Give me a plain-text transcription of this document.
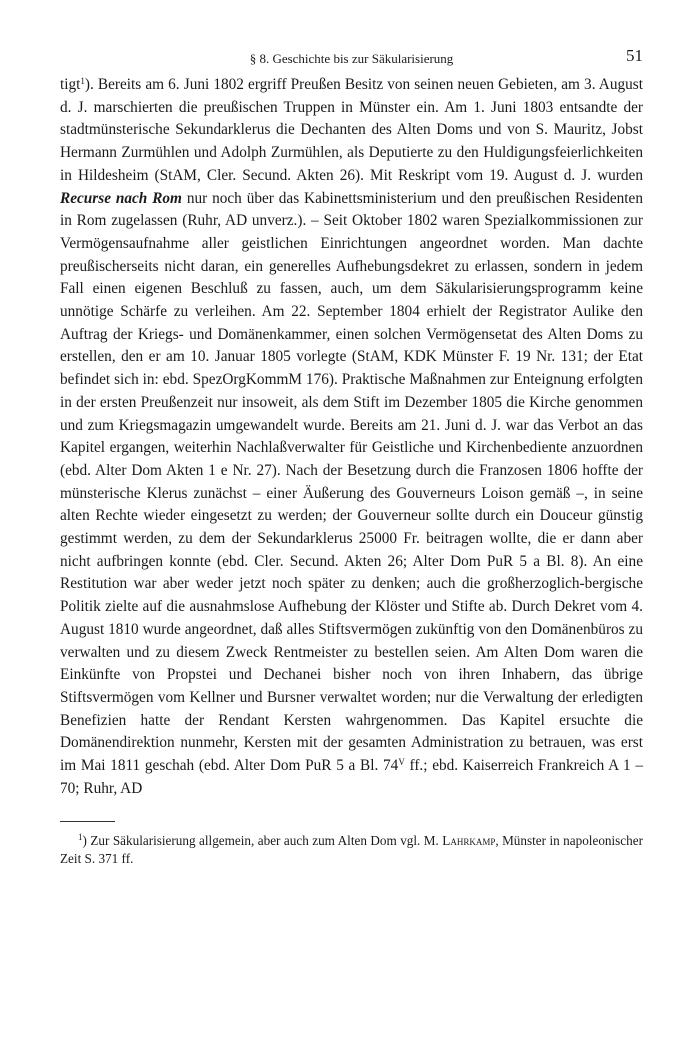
§ 8. Geschichte bis zur Säkularisierung	51

tigt$^1$). Bereits am 6. Juni 1802 ergriff Preußen Besitz von seinen neuen Gebieten, am 3. August d. J. marschierten die preußischen Truppen in Münster ein. Am 1. Juni 1803 entsandte der stadtmünsterische Sekundarklerus die Dechanten des Alten Doms und von S. Mauritz, Jobst Hermann Zurmühlen und Adolph Zurmühlen, als Deputierte zu den Huldigungsfeierlichkeiten in Hildesheim (StAM, Cler. Secund. Akten 26). Mit Reskript vom 19. August d. J. wurden Recurse nach Rom nur noch über das Kabinettsministerium und den preußischen Residenten in Rom zugelassen (Ruhr, AD unverz.). – Seit Oktober 1802 waren Spezialkommissionen zur Vermögensaufnahme aller geistlichen Einrichtungen angeordnet worden. Man dachte preußischerseits nicht daran, ein generelles Aufhebungsdekret zu erlassen, sondern in jedem Fall einen eigenen Beschluß zu fassen, auch, um dem Säkularisierungsprogramm keine unnötige Schärfe zu verleihen. Am 22. September 1804 erhielt der Registrator Aulike den Auftrag der Kriegs- und Domänenkammer, einen solchen Vermögensetat des Alten Doms zu erstellen, den er am 10. Januar 1805 vorlegte (StAM, KDK Münster F. 19 Nr. 131; der Etat befindet sich in: ebd. SpezOrgKommM 176). Praktische Maßnahmen zur Enteignung erfolgten in der ersten Preußenzeit nur insoweit, als dem Stift im Dezember 1805 die Kirche genommen und zum Kriegsmagazin umgewandelt wurde. Bereits am 21. Juni d. J. war das Verbot an das Kapitel ergangen, weiterhin Nachlaßverwalter für Geistliche und Kirchenbediente anzuordnen (ebd. Alter Dom Akten 1 e Nr. 27). Nach der Besetzung durch die Franzosen 1806 hoffte der münsterische Klerus zunächst – einer Äußerung des Gouverneurs Loison gemäß –, in seine alten Rechte wieder eingesetzt zu werden; der Gouverneur sollte durch ein Douceur günstig gestimmt werden, zu dem der Sekundarklerus 25000 Fr. beitragen wollte, die er dann aber nicht aufbringen konnte (ebd. Cler. Secund. Akten 26; Alter Dom PuR 5 a Bl. 8). An eine Restitution war aber weder jetzt noch später zu denken; auch die großherzoglich-bergische Politik zielte auf die ausnahmslose Aufhebung der Klöster und Stifte ab. Durch Dekret vom 4. August 1810 wurde angeordnet, daß alles Stiftsvermögen zukünftig von den Domänenbüros zu verwalten und zu diesem Zweck Rentmeister zu bestellen seien. Am Alten Dom waren die Einkünfte von Propstei und Dechanei bisher noch von ihren Inhabern, das übrige Stiftsvermögen vom Kellner und Bursner verwaltet worden; nur die Verwaltung der erledigten Benefizien hatte der Rendant Kersten wahrgenommen. Das Kapitel ersuchte die Domänendirektion nunmehr, Kersten mit der gesamten Administration zu betrauen, was erst im Mai 1811 geschah (ebd. Alter Dom PuR 5 a Bl. $74^V$ ff.; ebd. Kaiserreich Frankreich A 1 – 70; Ruhr, AD

$^1$) Zur Säkularisierung allgemein, aber auch zum Alten Dom vgl. M. Lahrkamp, Münster in napoleonischer Zeit S. 371 ff.
